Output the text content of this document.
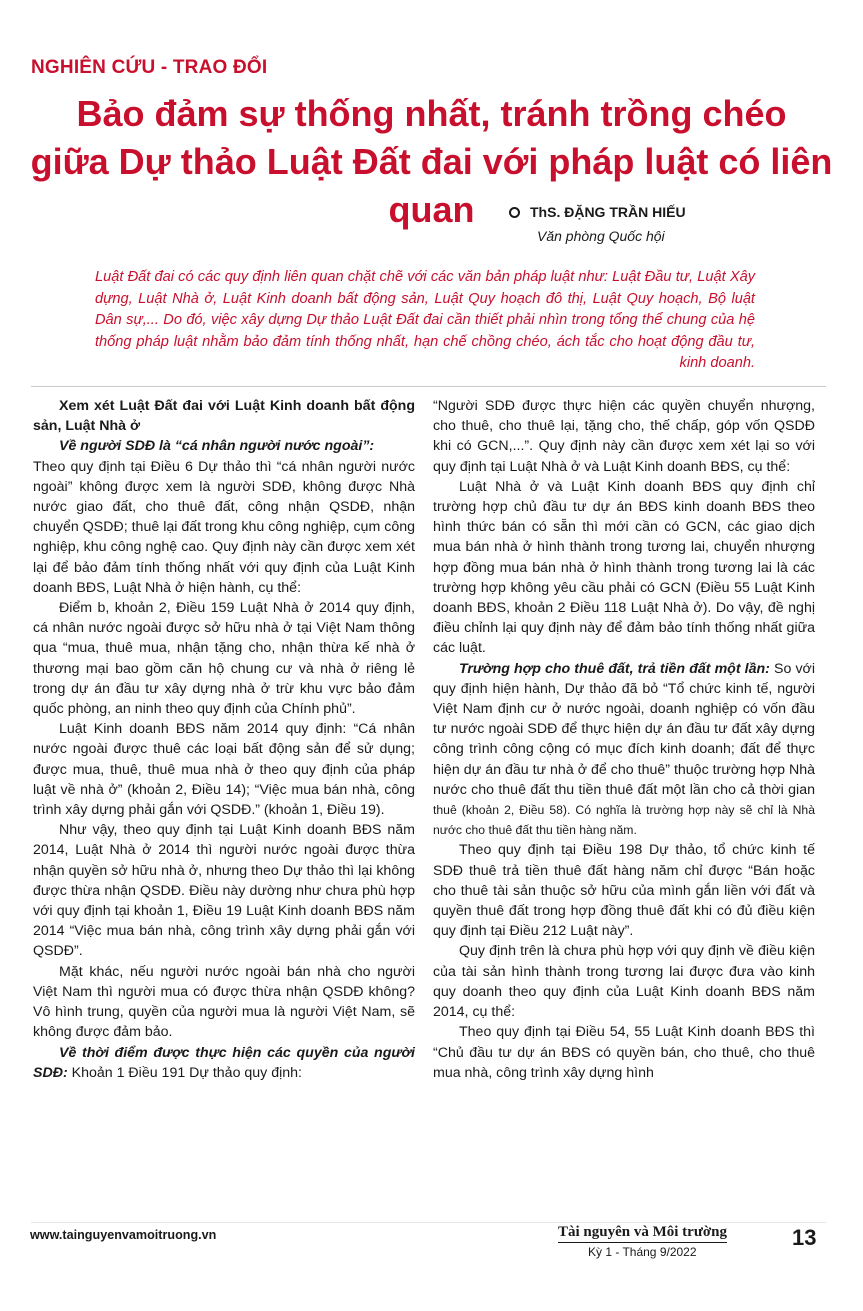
NGHIÊN CỨU - TRAO ĐỔI
Bảo đảm sự thống nhất, tránh trồng chéo
giữa Dự thảo Luật Đất đai với pháp luật có liên quan	ThS. ĐẶNG TRẦN HIẾU
Văn phòng Quốc hội
Luật Đất đai có các quy định liên quan chặt chẽ với các văn bản pháp luật như: Luật Đầu tư, Luật Xây dựng, Luật Nhà ở, Luật Kinh doanh bất động sản, Luật Quy hoạch đô thị, Luật Quy hoạch, Bộ luật Dân sự,... Do đó, việc xây dựng Dự thảo Luật Đất đai cần thiết phải nhìn trong tổng thể chung của hệ thống pháp luật nhằm bảo đảm tính thống nhất, hạn chế chồng chéo, ách tắc cho hoạt động đầu tư, kinh doanh.

Xem xét Luật Đất đai với Luật Kinh doanh bất động sản, Luật Nhà ở

Về người SDĐ là “cá nhân người nước ngoài”:

Theo quy định tại Điều 6 Dự thảo thì “cá nhân người nước ngoài” không được xem là người SDĐ, không được Nhà nước giao đất, cho thuê đất, công nhận QSDĐ, nhận chuyển QSDĐ; thuê lại đất trong khu công nghiệp, cụm công nghiệp, khu công nghệ cao. Quy định này cần được xem xét lại để bảo đảm tính thống nhất với quy định của Luật Kinh doanh BĐS, Luật Nhà ở hiện hành, cụ thể:

Điểm b, khoản 2, Điều 159 Luật Nhà ở 2014 quy định, cá nhân nước ngoài được sở hữu nhà ở tại Việt Nam thông qua “mua, thuê mua, nhận tặng cho, nhận thừa kế nhà ở thương mại bao gồm căn hộ chung cư và nhà ở riêng lẻ trong dự án đầu tư xây dựng nhà ở trừ khu vực bảo đảm quốc phòng, an ninh theo quy định của Chính phủ”.

Luật Kinh doanh BĐS năm 2014 quy định: “Cá nhân nước ngoài được thuê các loại bất động sản để sử dụng; được mua, thuê, thuê mua nhà ở theo quy định của pháp luật về nhà ở” (khoản 2, Điều 14); “Việc mua bán nhà, công trình xây dựng phải gắn với QSDĐ.” (khoản 1, Điều 19).

Như vậy, theo quy định tại Luật Kinh doanh BĐS năm 2014, Luật Nhà ở 2014 thì người nước ngoài được thừa nhận quyền sở hữu nhà ở, nhưng theo Dự thảo thì lại không được thừa nhận QSDĐ. Điều này dường như chưa phù hợp với quy định tại khoản 1, Điều 19 Luật Kinh doanh BĐS năm 2014 “Việc mua bán nhà, công trình xây dựng phải gắn với QSDĐ”.

Mặt khác, nếu người nước ngoài bán nhà cho người Việt Nam thì người mua có được thừa nhận QSDĐ không? Vô hình trung, quyền của người mua là người Việt Nam, sẽ không được đảm bảo.

Về thời điểm được thực hiện các quyền của người SDĐ: Khoản 1 Điều 191 Dự thảo quy định:

“Người SDĐ được thực hiện các quyền chuyển nhượng, cho thuê, cho thuê lại, tặng cho, thế chấp, góp vốn QSDĐ khi có GCN,...”. Quy định này cần được xem xét lại so với quy định tại Luật Nhà ở và Luật Kinh doanh BĐS, cụ thể:

Luật Nhà ở và Luật Kinh doanh BĐS quy định chỉ trường hợp chủ đầu tư dự án BĐS kinh doanh BĐS theo hình thức bán có sẵn thì mới cần có GCN, các giao dịch mua bán nhà ở hình thành trong tương lai, chuyển nhượng hợp đồng mua bán nhà ở hình thành trong tương lai là các trường hợp không yêu cầu phải có GCN (Điều 55 Luật Kinh doanh BĐS, khoản 2 Điều 118 Luật Nhà ở). Do vậy, đề nghị điều chỉnh lại quy định này để đảm bảo tính thống nhất giữa các luật.

Trường hợp cho thuê đất, trả tiền đất một lần: So với quy định hiện hành, Dự thảo đã bỏ “Tổ chức kinh tế, người Việt Nam định cư ở nước ngoài, doanh nghiệp có vốn đầu tư nước ngoài SDĐ để thực hiện dự án đầu tư đất xây dựng công trình công cộng có mục đích kinh doanh; đất để thực hiện dự án đầu tư nhà ở để cho thuê” thuộc trường hợp Nhà nước cho thuê đất thu tiền thuê đất một lần cho cả thời gian thuê (khoản 2, Điều 58). Có nghĩa là trường hợp này sẽ chỉ là Nhà nước cho thuê đất thu tiền hàng năm.

Theo quy định tại Điều 198 Dự thảo, tổ chức kinh tế SDĐ thuê trả tiền thuê đất hàng năm chỉ được “Bán hoặc cho thuê tài sản thuộc sở hữu của mình gắn liền với đất và quyền thuê đất trong hợp đồng thuê đất khi có đủ điều kiện quy định tại Điều 212 Luật này”.

Quy định trên là chưa phù hợp với quy định về điều kiện của tài sản hình thành trong tương lai được đưa vào kinh quy doanh theo quy định của Luật Kinh doanh BĐS năm 2014, cụ thể:

Theo quy định tại Điều 54, 55 Luật Kinh doanh BĐS thì “Chủ đầu tư dự án BĐS có quyền bán, cho thuê, cho thuê mua nhà, công trình xây dựng hình

www.tainguyenvamoitruong.vn	Tài nguyên và Môi trường
Kỳ 1 - Tháng 9/2022
13
